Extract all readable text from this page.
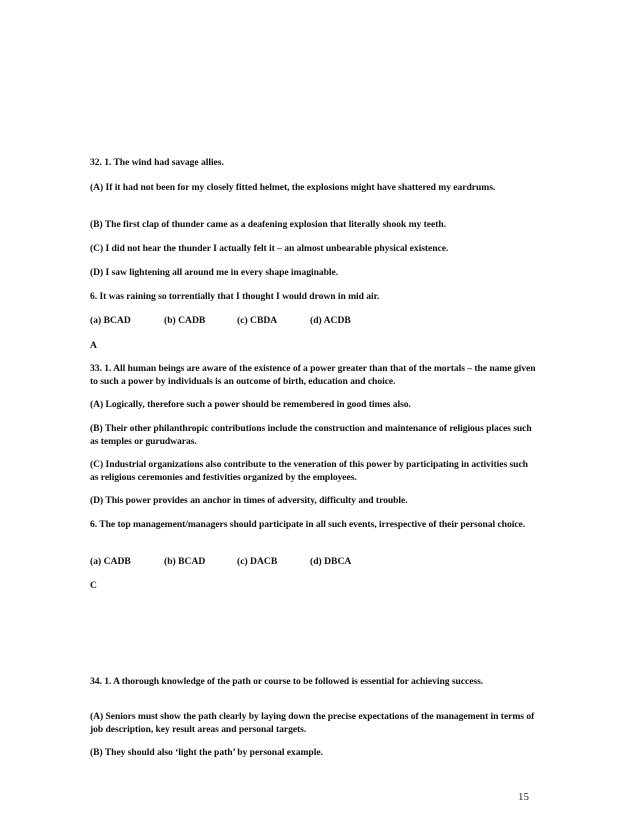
32. 1. The wind had savage allies.
(A) If it had not been for my closely fitted helmet, the explosions might have shattered my eardrums.
(B) The first clap of thunder came as a deafening explosion that literally shook my teeth.
(C) I did not hear the thunder I actually felt it – an almost unbearable physical existence.
(D) I saw lightening all around me in every shape imaginable.
6. It was raining so torrentially that I thought I would drown in mid air.
(a) BCAD	(b) CADB	(c) CBDA	(d) ACDB
A
33. 1. All human beings are aware of the existence of a power greater than that of the mortals – the name given to such a power by individuals is an outcome of birth, education and choice.
(A) Logically, therefore such a power should be remembered in good times also.
(B) Their other philanthropic contributions include the construction and maintenance of religious places such as temples or gurudwaras.
(C) Industrial organizations also contribute to the veneration of this power by participating in activities such as religious ceremonies and festivities organized by the employees.
(D) This power provides an anchor in times of adversity, difficulty and trouble.
6. The top management/managers should participate in all such events, irrespective of their personal choice.
(a) CADB	(b) BCAD	(c) DACB	(d) DBCA
C
34. 1. A thorough knowledge of the path or course to be followed is essential for achieving success.
(A) Seniors must show the path clearly by laying down the precise expectations of the management in terms of job description, key result areas and personal targets.
(B) They should also ‘light the path’ by personal example.
15
